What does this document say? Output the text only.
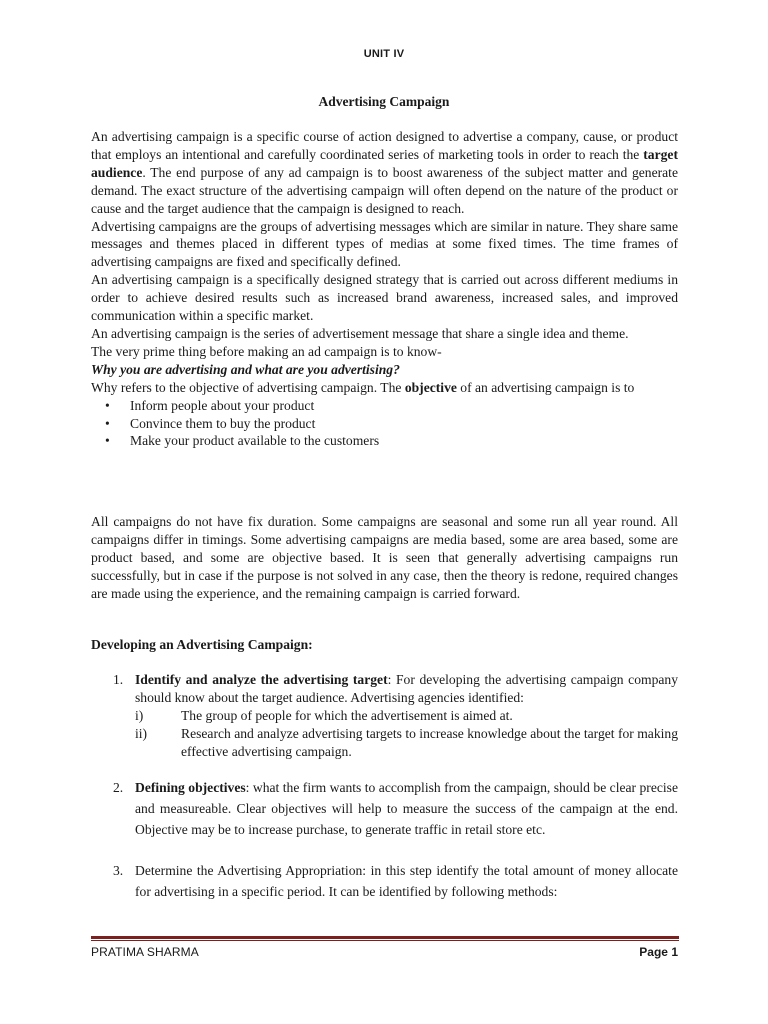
UNIT IV
Advertising Campaign

An advertising campaign is a specific course of action designed to advertise a company, cause, or product that employs an intentional and carefully coordinated series of marketing tools in order to reach the target audience. The end purpose of any ad campaign is to boost awareness of the subject matter and generate demand. The exact structure of the advertising campaign will often depend on the nature of the product or cause and the target audience that the campaign is designed to reach.

Advertising campaigns are the groups of advertising messages which are similar in nature. They share same messages and themes placed in different types of medias at some fixed times. The time frames of advertising campaigns are fixed and specifically defined.

An advertising campaign is a specifically designed strategy that is carried out across different mediums in order to achieve desired results such as increased brand awareness, increased sales, and improved communication within a specific market.

An advertising campaign is the series of advertisement message that share a single idea and theme.

The very prime thing before making an ad campaign is to know-

Why you are advertising and what are you advertising?

Why refers to the objective of advertising campaign. The objective of an advertising campaign is to

• Inform people about your product
• Convince them to buy the product
• Make your product available to the customers

All campaigns do not have fix duration. Some campaigns are seasonal and some run all year round. All campaigns differ in timings. Some advertising campaigns are media based, some are area based, some are product based, and some are objective based. It is seen that generally advertising campaigns run successfully, but in case if the purpose is not solved in any case, then the theory is redone, required changes are made using the experience, and the remaining campaign is carried forward.

Developing an Advertising Campaign:
1. Identify and analyze the advertising target: For developing the advertising campaign company should know about the target audience. Advertising agencies identified:
i)	The group of people for which the advertisement is aimed at.
ii) Research and analyze advertising targets to increase knowledge about the target for making effective advertising campaign.
2. Defining objectives: what the firm wants to accomplish from the campaign, should be clear precise and measureable. Clear objectives will help to measure the success of the campaign at the end. Objective may be to increase purchase, to generate traffic in retail store etc.
3. Determine the Advertising Appropriation: in this step identify the total amount of money allocate for advertising in a specific period. It can be identified by following methods:
PRATIMA SHARMA	Page 1
